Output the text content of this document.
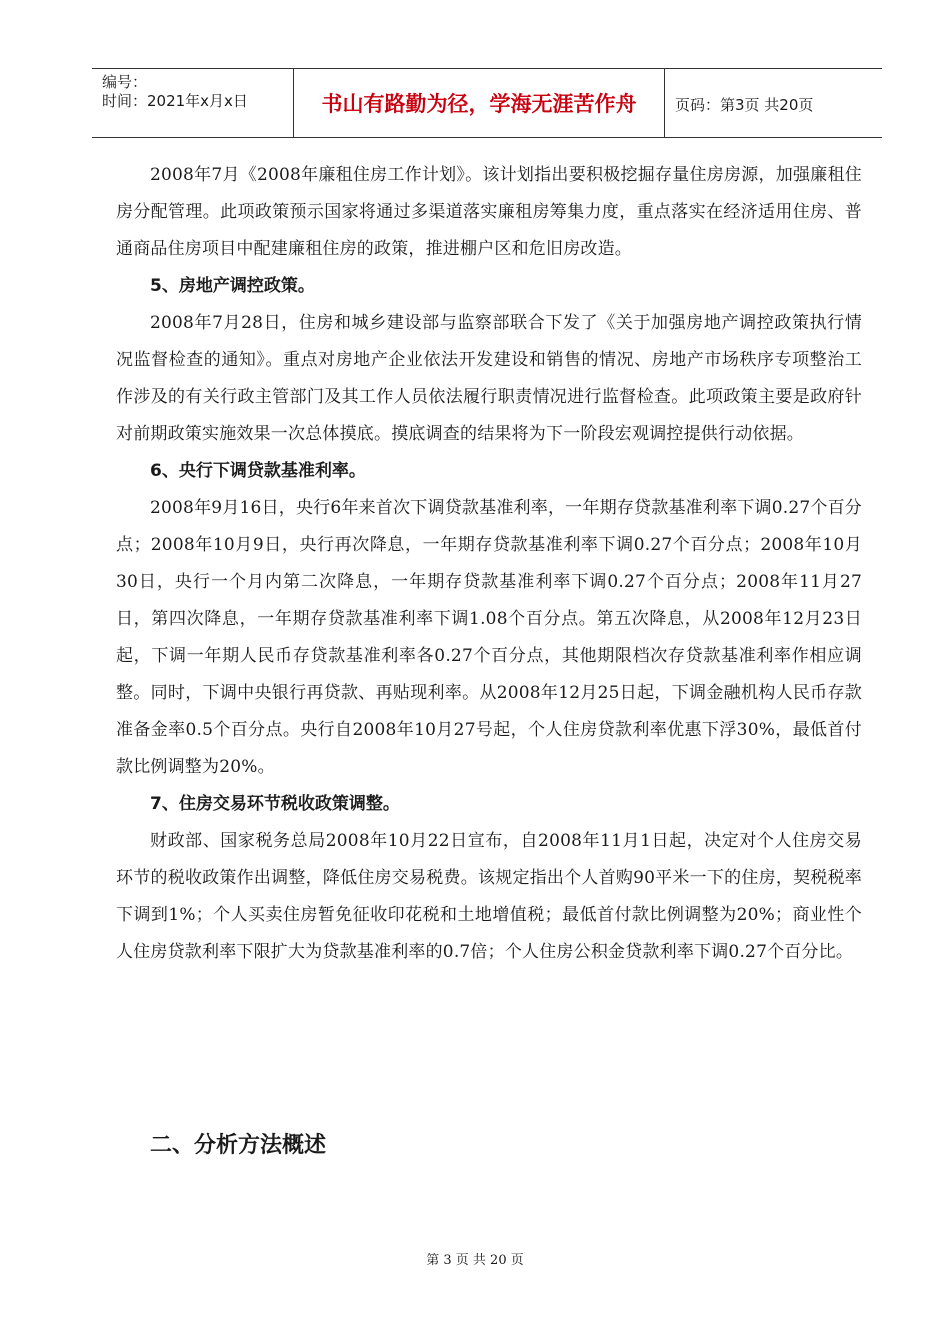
编号：
时间：2021年x月x日	书山有路勤为径，学海无涯苦作舟	页码：第3页 共20页

2008年7月《2008年廉租住房工作计划》。该计划指出要积极挖掘存量住房房源，加强廉租住房分配管理。此项政策预示国家将通过多渠道落实廉租房筹集力度，重点落实在经济适用住房、普通商品住房项目中配建廉租住房的政策，推进棚户区和危旧房改造。

5、房地产调控政策。

2008年7月28日，住房和城乡建设部与监察部联合下发了《关于加强房地产调控政策执行情况监督检查的通知》。重点对房地产企业依法开发建设和销售的情况、房地产市场秩序专项整治工作涉及的有关行政主管部门及其工作人员依法履行职责情况进行监督检查。此项政策主要是政府针对前期政策实施效果一次总体摸底。摸底调查的结果将为下一阶段宏观调控提供行动依据。

6、央行下调贷款基准利率。

2008年9月16日，央行6年来首次下调贷款基准利率，一年期存贷款基准利率下调0.27个百分点；2008年10月9日，央行再次降息，一年期存贷款基准利率下调0.27个百分点；2008年10月30日，央行一个月内第二次降息，一年期存贷款基准利率下调0.27个百分点；2008年11月27日，第四次降息，一年期存贷款基准利率下调1.08个百分点。第五次降息，从2008年12月23日起，下调一年期人民币存贷款基准利率各0.27个百分点，其他期限档次存贷款基准利率作相应调整。同时，下调中央银行再贷款、再贴现利率。从2008年12月25日起，下调金融机构人民币存款准备金率0.5个百分点。央行自2008年10月27号起，个人住房贷款利率优惠下浮30%，最低首付款比例调整为20%。

7、住房交易环节税收政策调整。

财政部、国家税务总局2008年10月22日宣布，自2008年11月1日起，决定对个人住房交易环节的税收政策作出调整，降低住房交易税费。该规定指出个人首购90平米一下的住房，契税税率下调到1%；个人买卖住房暂免征收印花税和土地增值税；最低首付款比例调整为20%；商业性个人住房贷款利率下限扩大为贷款基准利率的0.7倍；个人住房公积金贷款利率下调0.27个百分比。

二、分析方法概述
第 3 页 共 20 页
